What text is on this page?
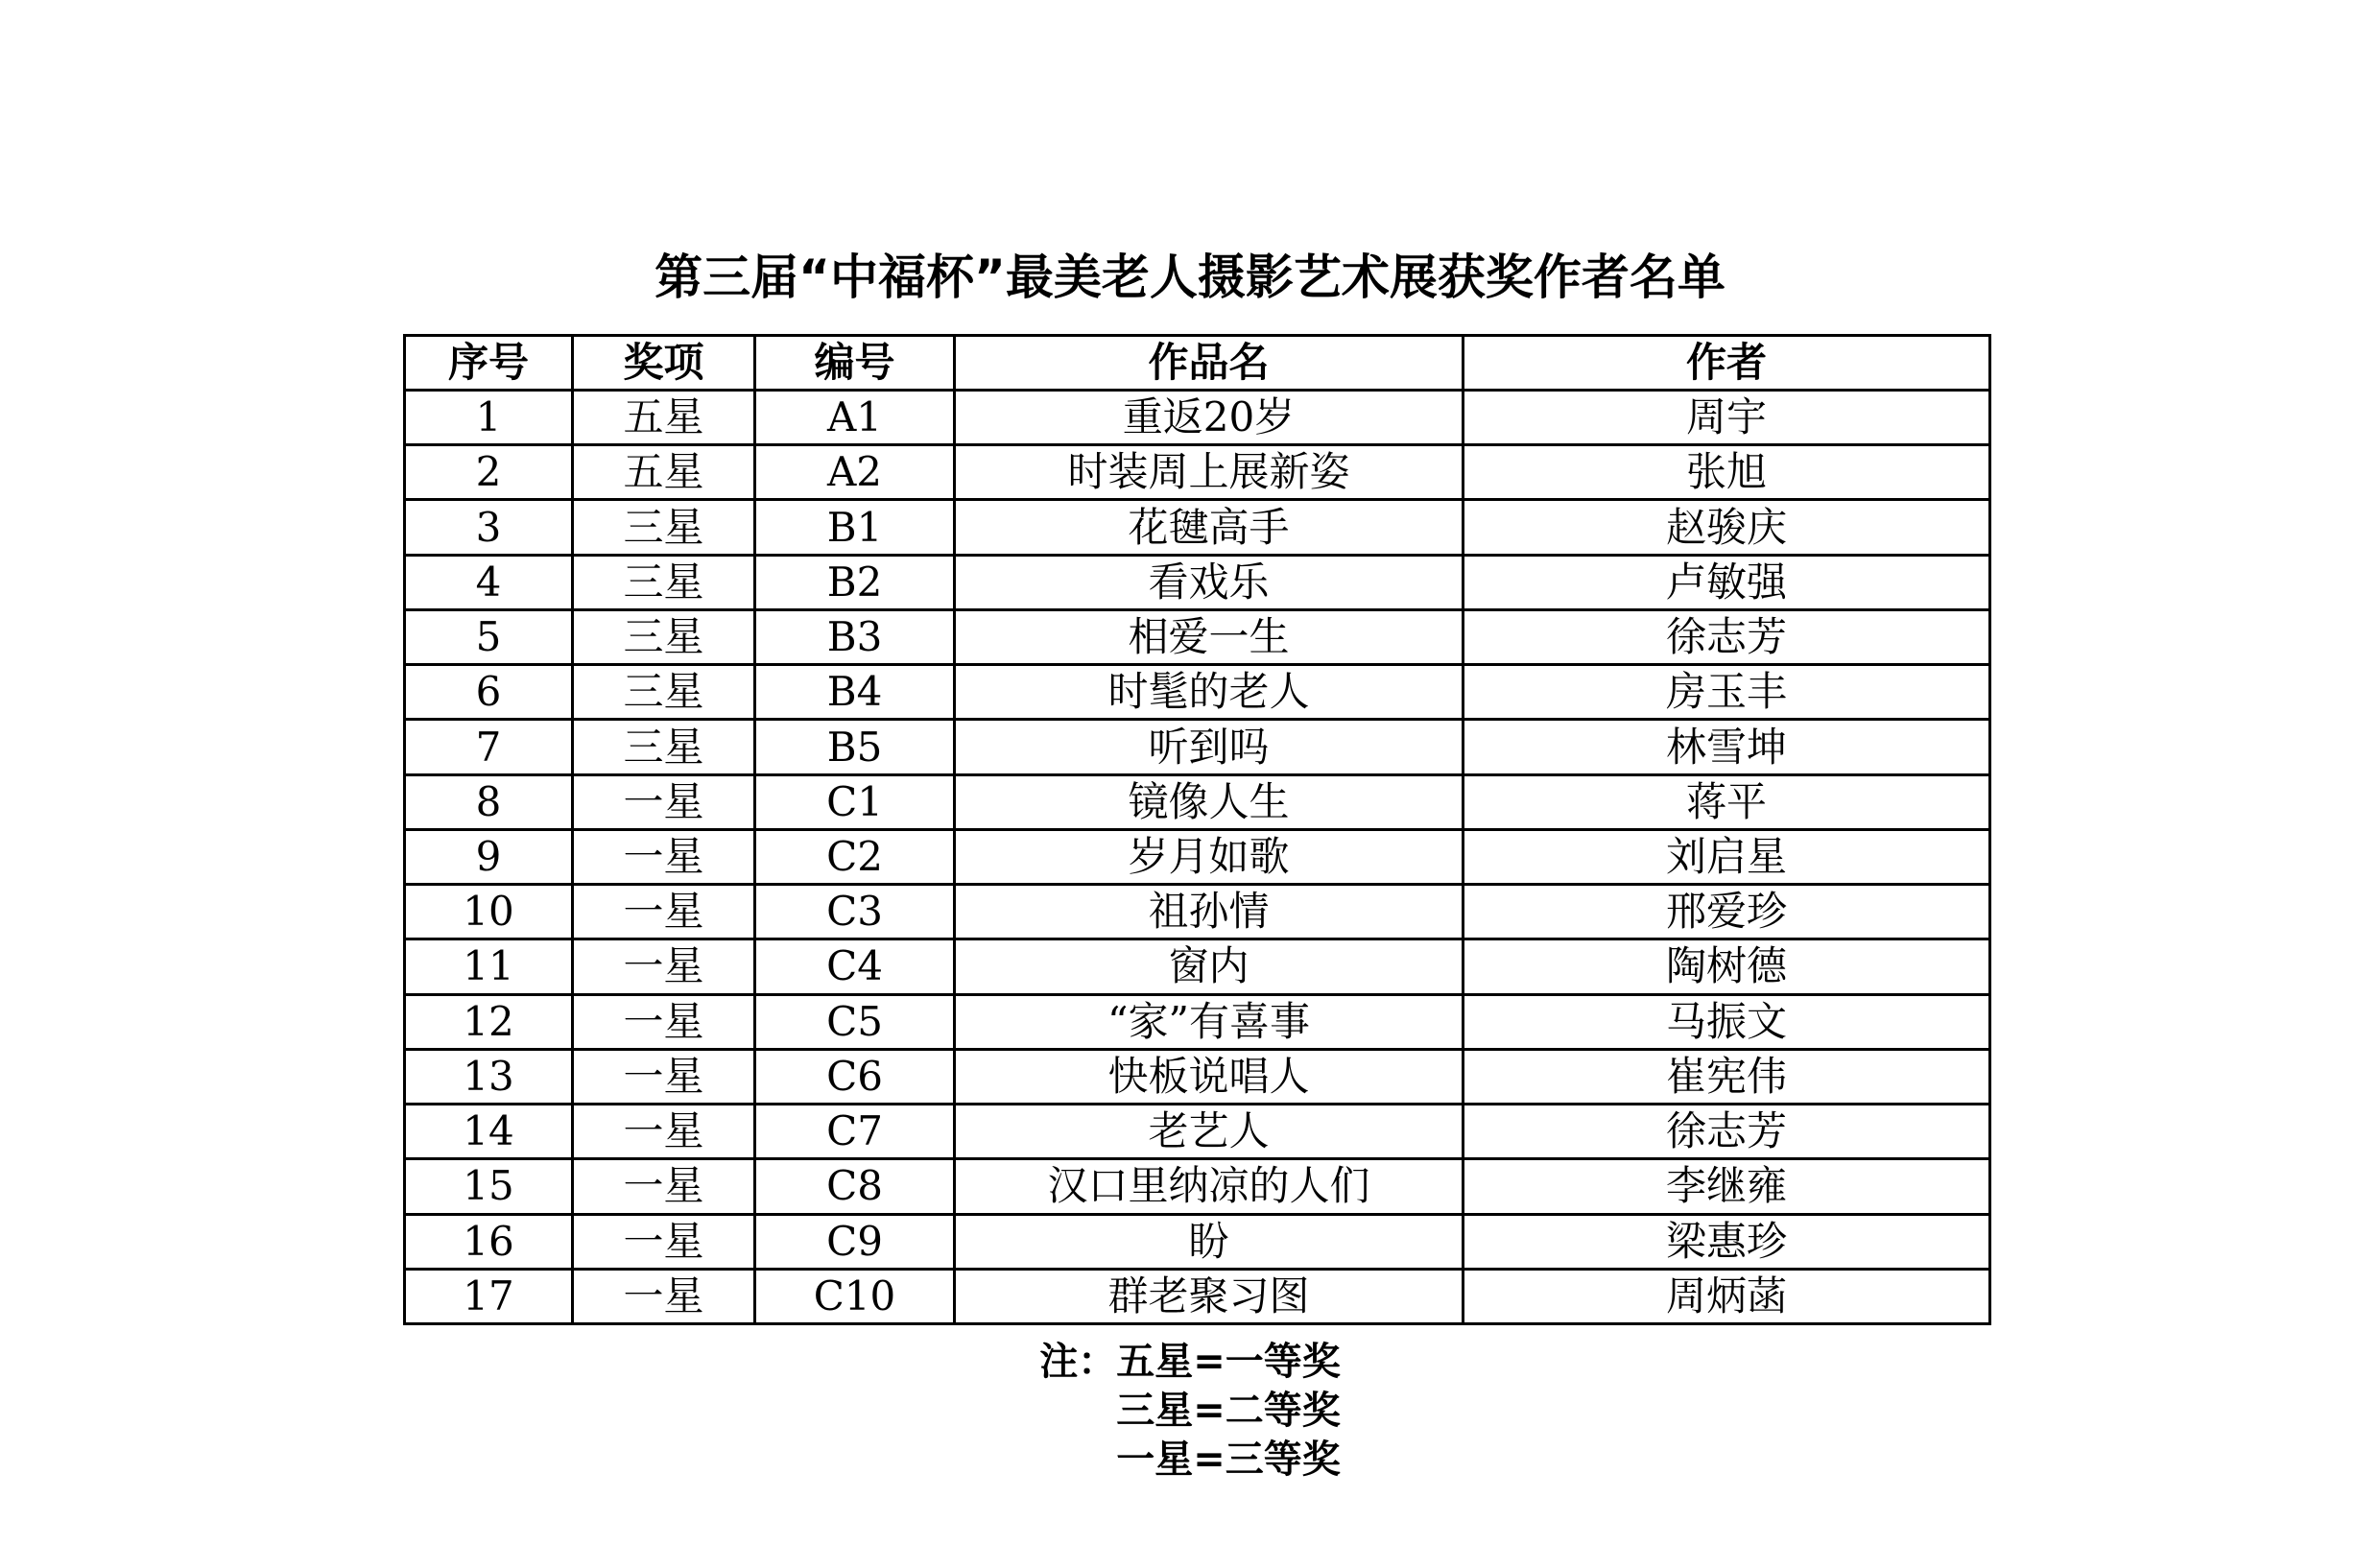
第三届“中福杯”最美老人摄影艺术展获奖作者名单
序号	奖项	编号	作品名	作者
1	五星	A1	重返20岁	周宇
2	五星	A2	时装周上展新姿	张旭
3	三星	B1	花毽高手	赵骏庆
4	三星	B2	看戏乐	卢敏强
5	三星	B3	相爱一生	徐志芳
6	三星	B4	时髦的老人	房玉丰
7	三星	B5	听到吗	林雪坤
8	一星	C1	镜像人生	蒋平
9	一星	C2	岁月如歌	刘启星
10	一星	C3	祖孙情	邢爱珍
11	一星	C4	窗内	陶树德
12	一星	C5	“家”有喜事	马振文
13	一星	C6	快板说唱人	崔宪伟
14	一星	C7	老艺人	徐志芳
15	一星	C8	汉口里纳凉的人们	李继雍
16	一星	C9	盼	梁惠珍
17	一星	C10	群老聚习图	周炳菡
注：五星=一等奖
三星=二等奖
一星=三等奖
